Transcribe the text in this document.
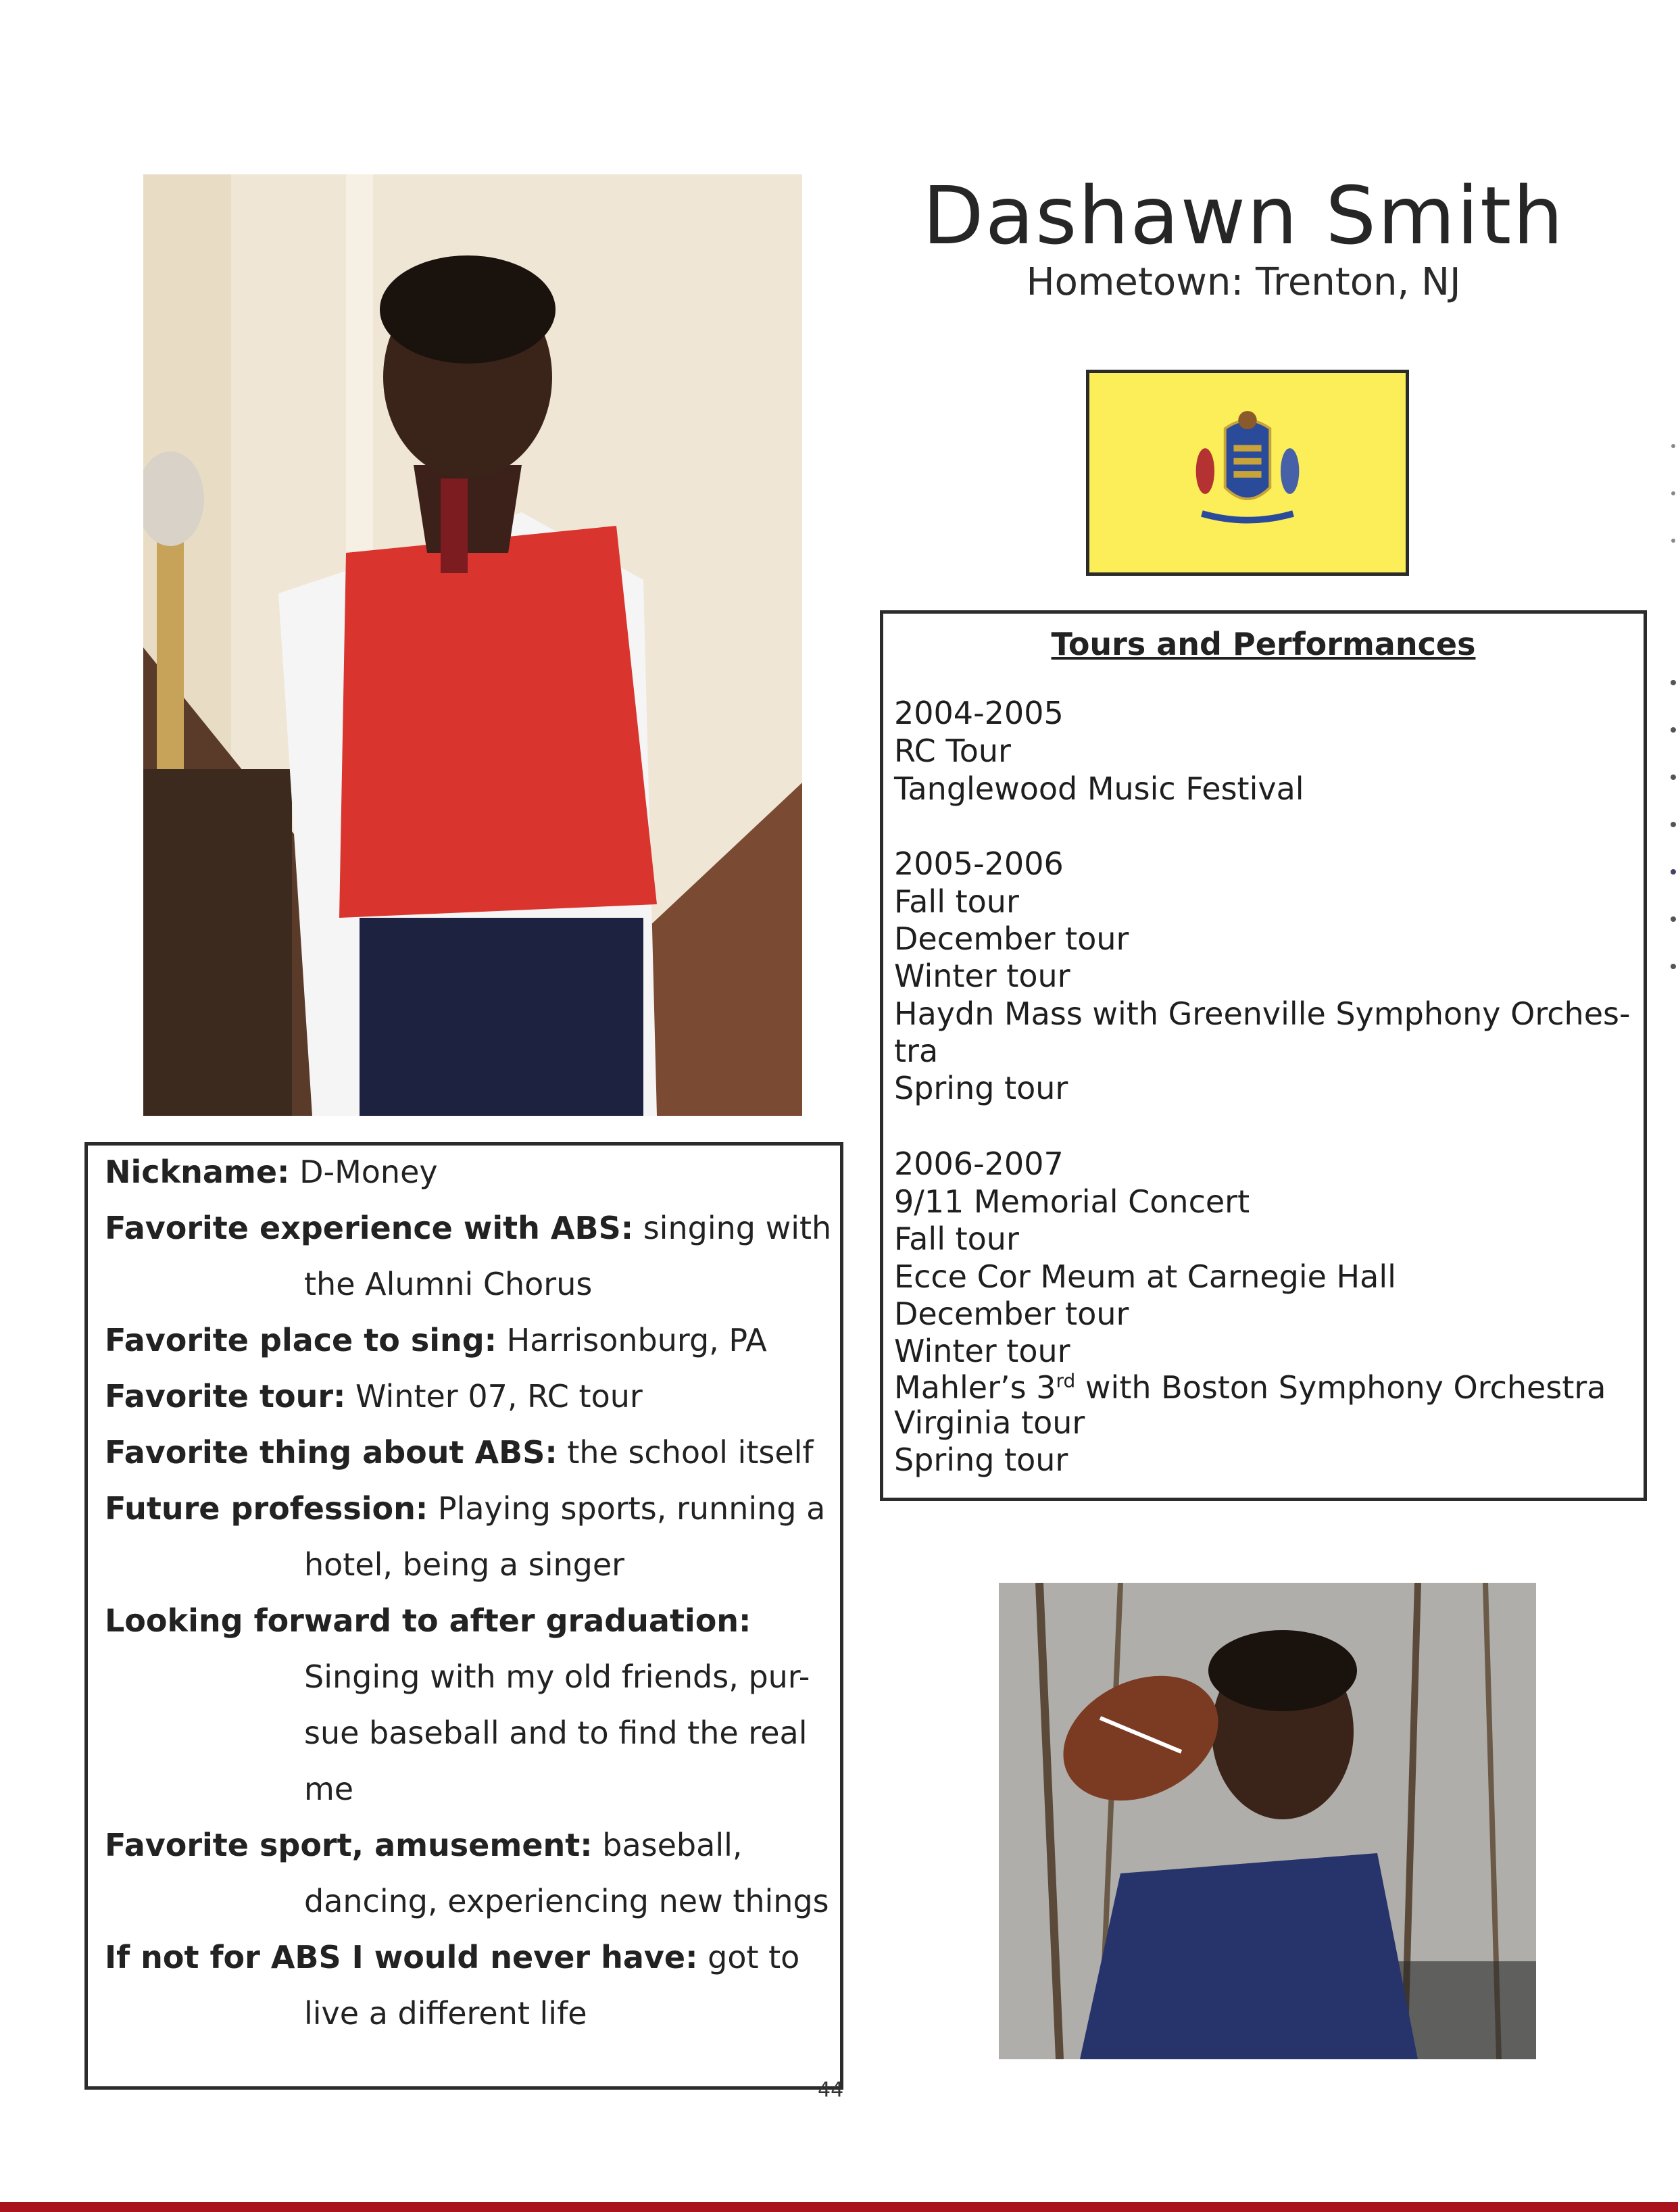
Dashawn Smith
Hometown: Trenton, NJ
Tours and Performances
2004-2005
RC Tour
Tanglewood Music Festival
2005-2006
Fall tour
December tour
Winter tour
Haydn Mass with Greenville Symphony Orches-
tra
Spring tour
2006-2007
9/11 Memorial Concert
Fall tour
Ecce Cor Meum at Carnegie Hall
December tour
Winter tour
Mahler’s 3rd with Boston Symphony Orchestra
Virginia tour
Spring tour
Nickname: D-Money
Favorite experience with ABS: singing with
the Alumni Chorus
Favorite place to sing: Harrisonburg, PA
Favorite tour: Winter 07, RC tour
Favorite thing about ABS: the school itself
Future profession: Playing sports, running a
hotel, being a singer
Looking forward to after graduation:
Singing with my old friends, pur-
sue baseball and to find the real
me
Favorite sport, amusement: baseball,
dancing, experiencing new things
If not for ABS I would never have: got to
live a different life
44
